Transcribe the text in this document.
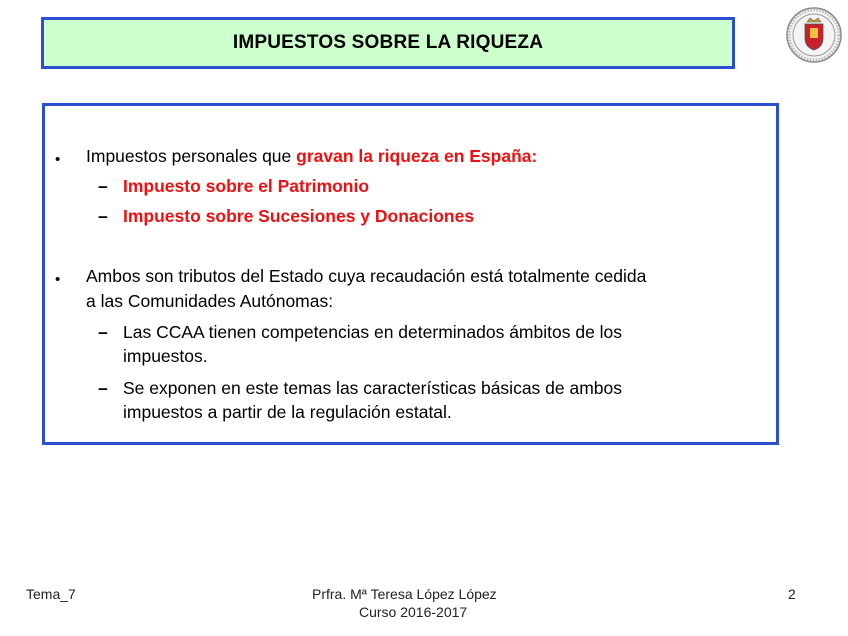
IMPUESTOS SOBRE LA RIQUEZA
• Impuestos personales que gravan la riqueza en España:
– Impuesto sobre el Patrimonio
– Impuesto sobre Sucesiones y Donaciones
• Ambos son tributos del Estado cuya recaudación está totalmente cedida
a las Comunidades Autónomas:
– Las CCAA tienen competencias en determinados ámbitos de los
impuestos.
– Se exponen en este temas las características básicas de ambos
impuestos a partir de la regulación estatal.
Tema_7	Prfra. Mª Teresa López López
Curso 2016-2017
2
